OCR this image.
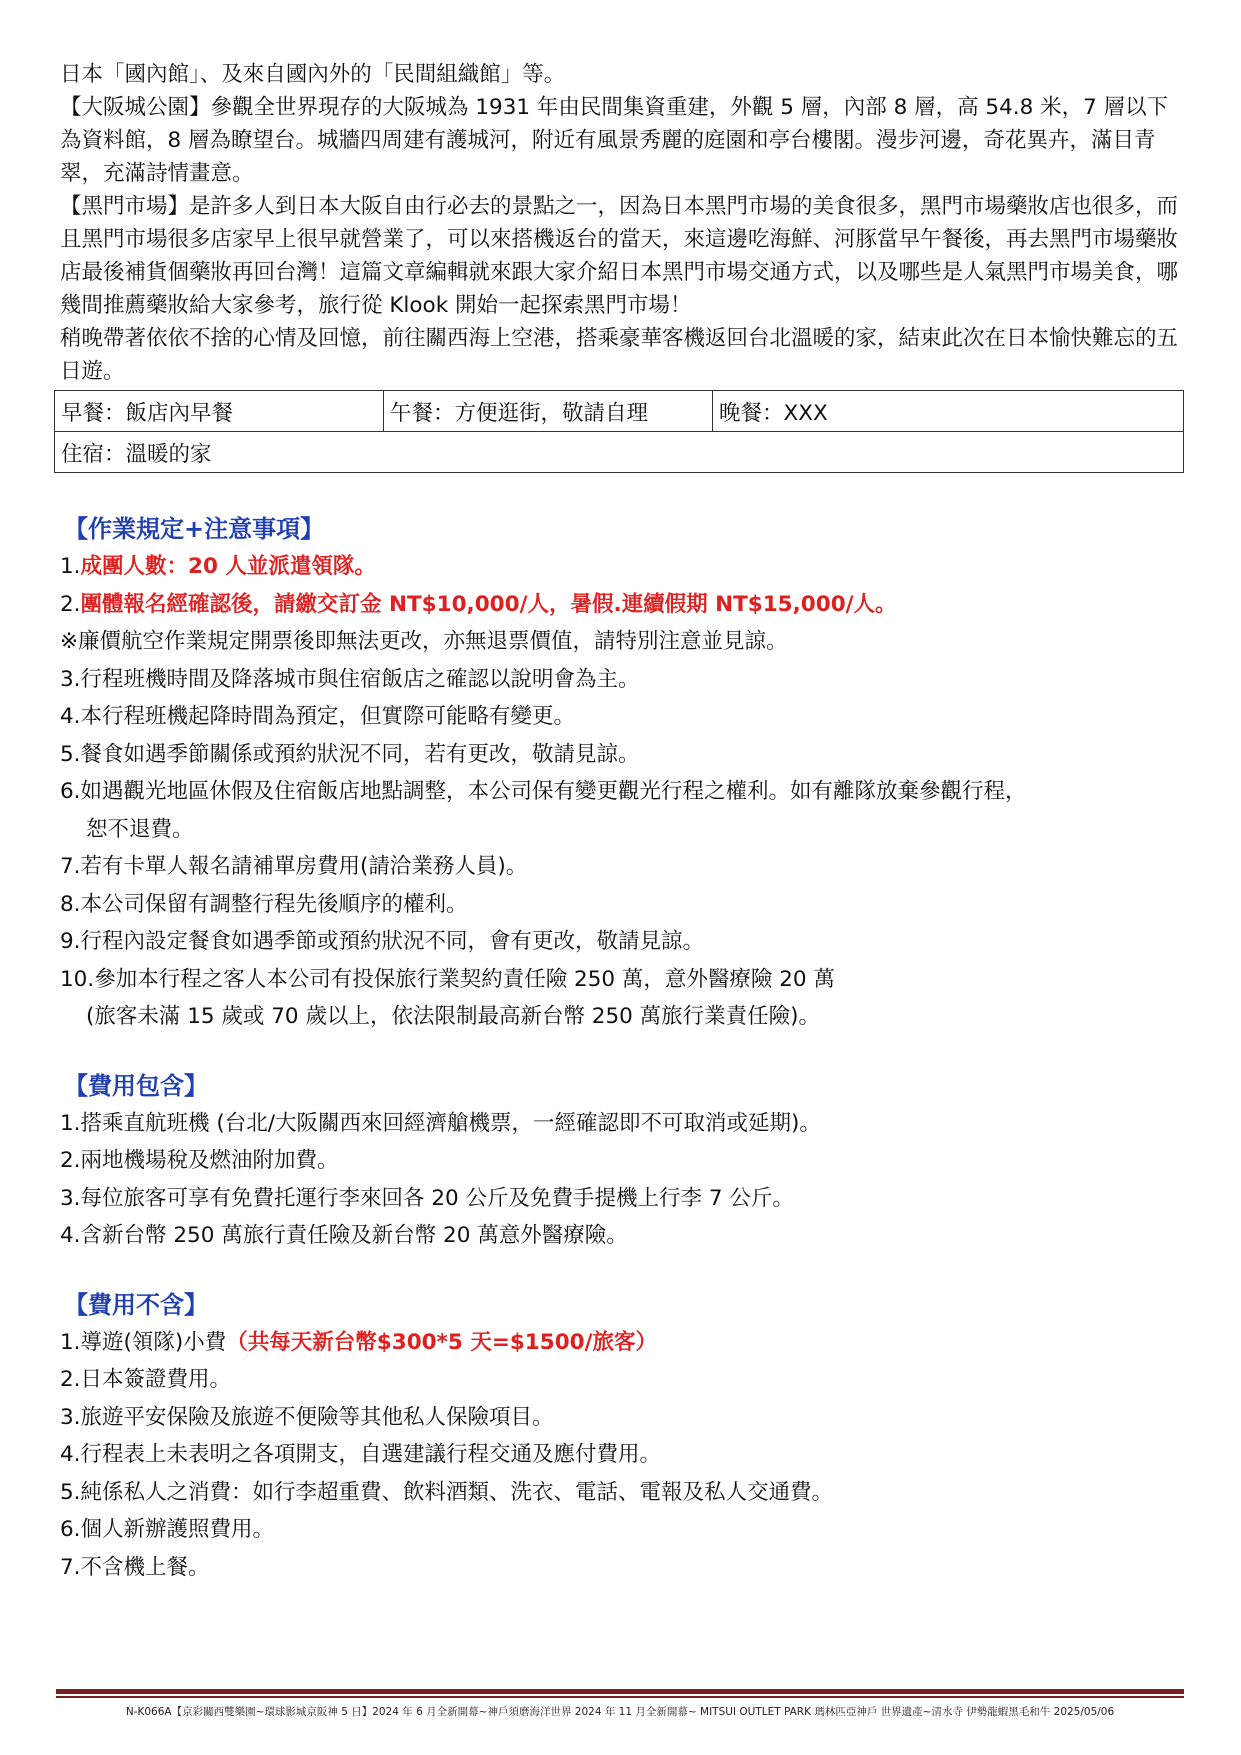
日本「國內館」、及來自國內外的「民間組織館」等。

【大阪城公園】參觀全世界現存的大阪城為 1931 年由民間集資重建，外觀 5 層，內部 8 層，高 54.8 米，7 層以下為資料館，8 層為瞭望台。城牆四周建有護城河，附近有風景秀麗的庭園和亭台樓閣。漫步河邊，奇花異卉，滿目青翠，充滿詩情畫意。

【黑門市場】是許多人到日本大阪自由行必去的景點之一，因為日本黑門市場的美食很多，黑門市場藥妝店也很多，而且黑門市場很多店家早上很早就營業了，可以來搭機返台的當天，來這邊吃海鮮、河豚當早午餐後，再去黑門市場藥妝店最後補貨個藥妝再回台灣！這篇文章編輯就來跟大家介紹日本黑門市場交通方式，以及哪些是人氣黑門市場美食，哪幾間推薦藥妝給大家參考，旅行從 Klook 開始一起探索黑門市場！

稍晚帶著依依不捨的心情及回憶，前往關西海上空港，搭乘豪華客機返回台北溫暖的家，結束此次在日本愉快難忘的五日遊。

早餐：飯店內早餐	午餐：方便逛街，敬請自理	晚餐：XXX
住宿：溫暖的家

【作業規定+注意事項】

1.成團人數：20 人並派遣領隊。

2.團體報名經確認後，請繳交訂金 NT$10,000/人，暑假.連續假期 NT$15,000/人。

※廉價航空作業規定開票後即無法更改，亦無退票價值，請特別注意並見諒。

3.行程班機時間及降落城市與住宿飯店之確認以說明會為主。

4.本行程班機起降時間為預定，但實際可能略有變更。

5.餐食如遇季節關係或預約狀況不同，若有更改，敬請見諒。

6.如遇觀光地區休假及住宿飯店地點調整，本公司保有變更觀光行程之權利。如有離隊放棄參觀行程，

恕不退費。

7.若有卡單人報名請補單房費用(請洽業務人員)。

8.本公司保留有調整行程先後順序的權利。

9.行程內設定餐食如遇季節或預約狀況不同，會有更改，敬請見諒。

10.參加本行程之客人本公司有投保旅行業契約責任險 250 萬，意外醫療險 20 萬

(旅客未滿 15 歲或 70 歲以上，依法限制最高新台幣 250 萬旅行業責任險)。

【費用包含】

1.搭乘直航班機 (台北/大阪關西來回經濟艙機票，一經確認即不可取消或延期)。

2.兩地機場稅及燃油附加費。

3.每位旅客可享有免費托運行李來回各 20 公斤及免費手提機上行李 7 公斤。

4.含新台幣 250 萬旅行責任險及新台幣 20 萬意外醫療險。

【費用不含】

1.導遊(領隊)小費（共每天新台幣$300*5 天=$1500/旅客）

2.日本簽證費用。

3.旅遊平安保險及旅遊不便險等其他私人保險項目。

4.行程表上未表明之各項開支，自選建議行程交通及應付費用。

5.純係私人之消費：如行李超重費、飲料酒類、洗衣、電話、電報及私人交通費。

6.個人新辦護照費用。

7.不含機上餐。

N-K066A【京彩關西雙樂園~環球影城京阪神 5 日】2024 年 6 月全新開幕~神戶須磨海洋世界 2024 年 11 月全新開幕~ MITSUI OUTLET PARK 瑪林匹亞神戶 世界遺產~清水寺 伊勢龍蝦黑毛和牛 2025/05/06
